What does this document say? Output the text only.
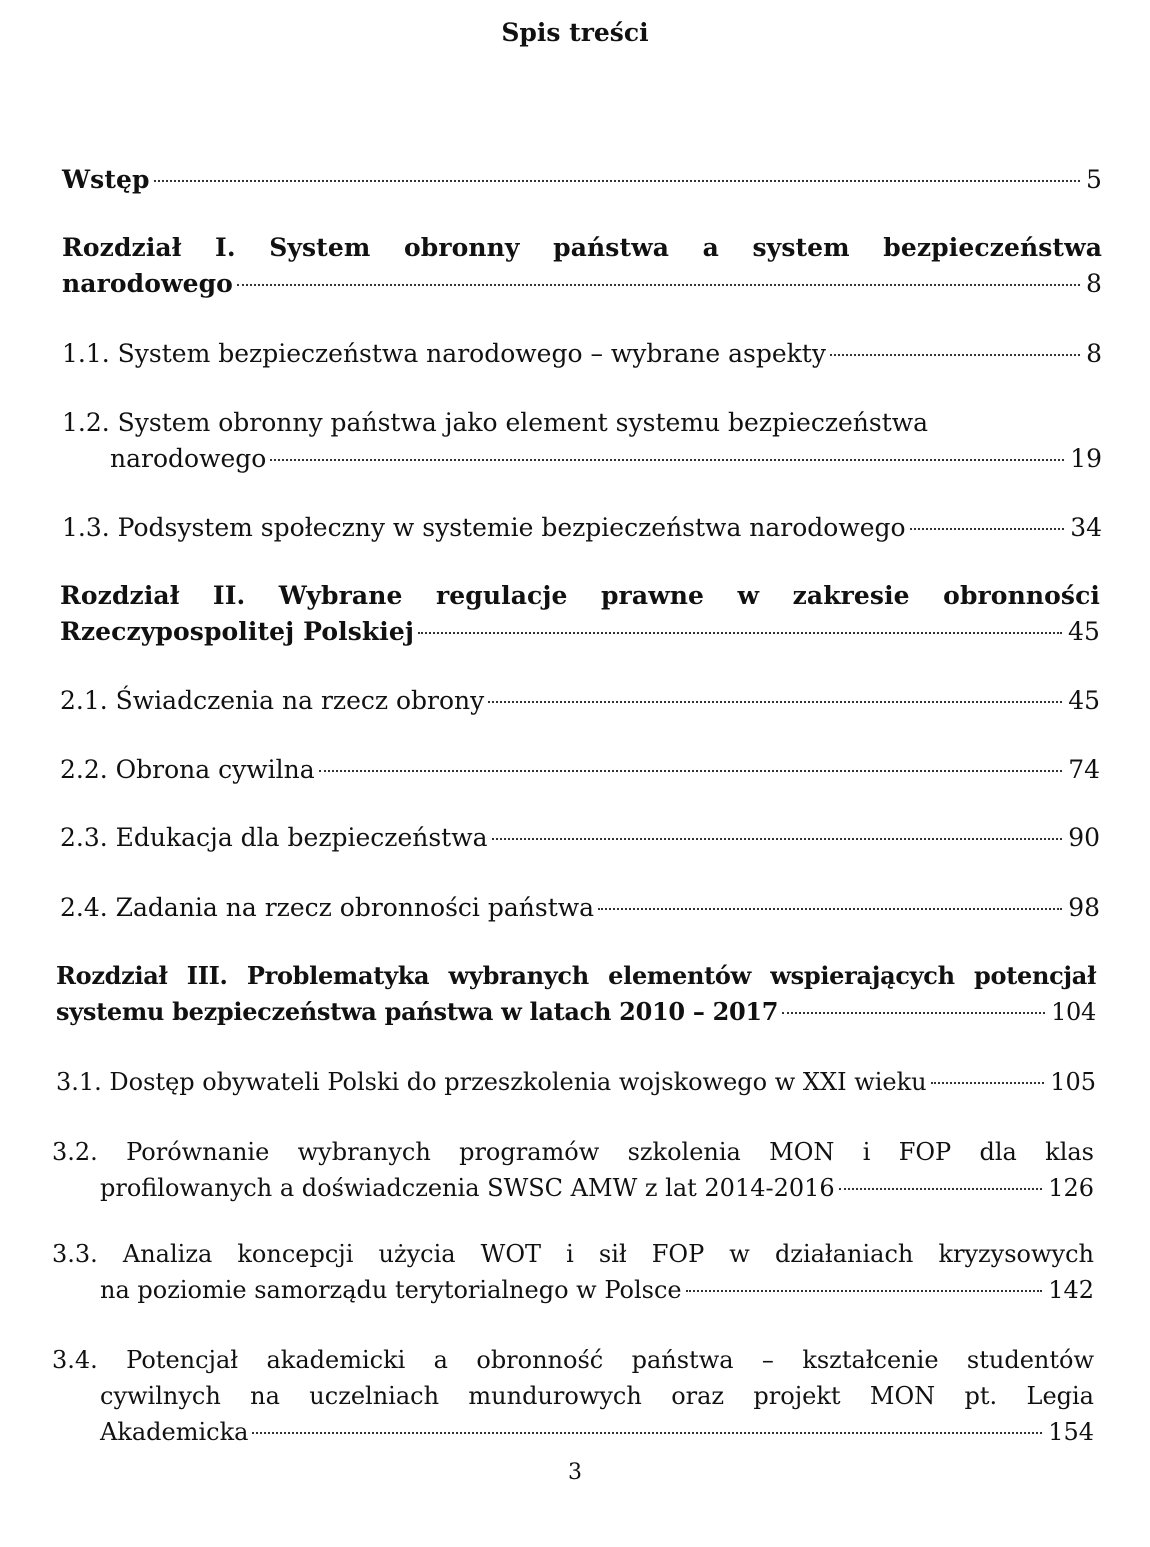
Spis treści
Wstęp	5
Rozdział I. System obronny państwa a system bezpieczeństwa
narodowego	8
1.1. System bezpieczeństwa narodowego – wybrane aspekty	8
1.2. System obronny państwa jako element systemu bezpieczeństwa
narodowego	19
1.3. Podsystem społeczny w systemie bezpieczeństwa narodowego	34
Rozdział II. Wybrane regulacje prawne w zakresie obronności
Rzeczypospolitej Polskiej	45
2.1. Świadczenia na rzecz obrony	45
2.2. Obrona cywilna	74
2.3. Edukacja dla bezpieczeństwa	90
2.4. Zadania na rzecz obronności państwa	98
Rozdział III. Problematyka wybranych elementów wspierających potencjał
systemu bezpieczeństwa państwa w latach 2010 – 2017	104
3.1. Dostęp obywateli Polski do przeszkolenia wojskowego w XXI wieku	105
3.2. Porównanie wybranych programów szkolenia MON i FOP dla klas
profilowanych a doświadczenia SWSC AMW z lat 2014-2016	126
3.3. Analiza koncepcji użycia WOT i sił FOP w działaniach kryzysowych
na poziomie samorządu terytorialnego w Polsce	142
3.4. Potencjał akademicki a obronność państwa – kształcenie studentów
cywilnych na uczelniach mundurowych oraz projekt MON pt. Legia
Akademicka	154
3
